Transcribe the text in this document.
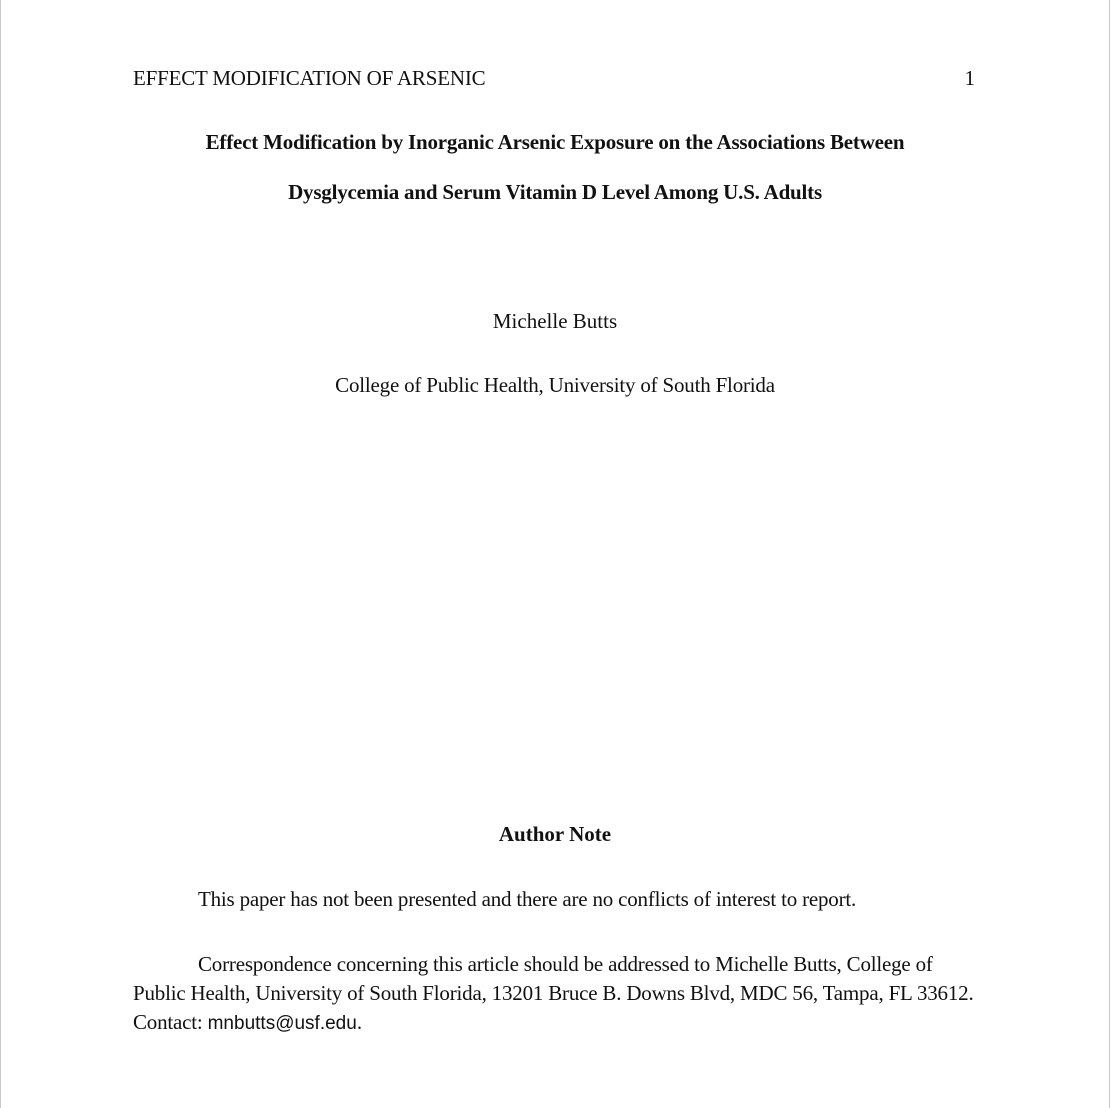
EFFECT MODIFICATION OF ARSENIC	1
Effect Modification by Inorganic Arsenic Exposure on the Associations Between
Dysglycemia and Serum Vitamin D Level Among U.S. Adults
Michelle Butts
College of Public Health, University of South Florida
Author Note
This paper has not been presented and there are no conflicts of interest to report.
Correspondence concerning this article should be addressed to Michelle Butts, College of Public Health, University of South Florida, 13201 Bruce B. Downs Blvd, MDC 56, Tampa, FL 33612. Contact: mnbutts@usf.edu.
